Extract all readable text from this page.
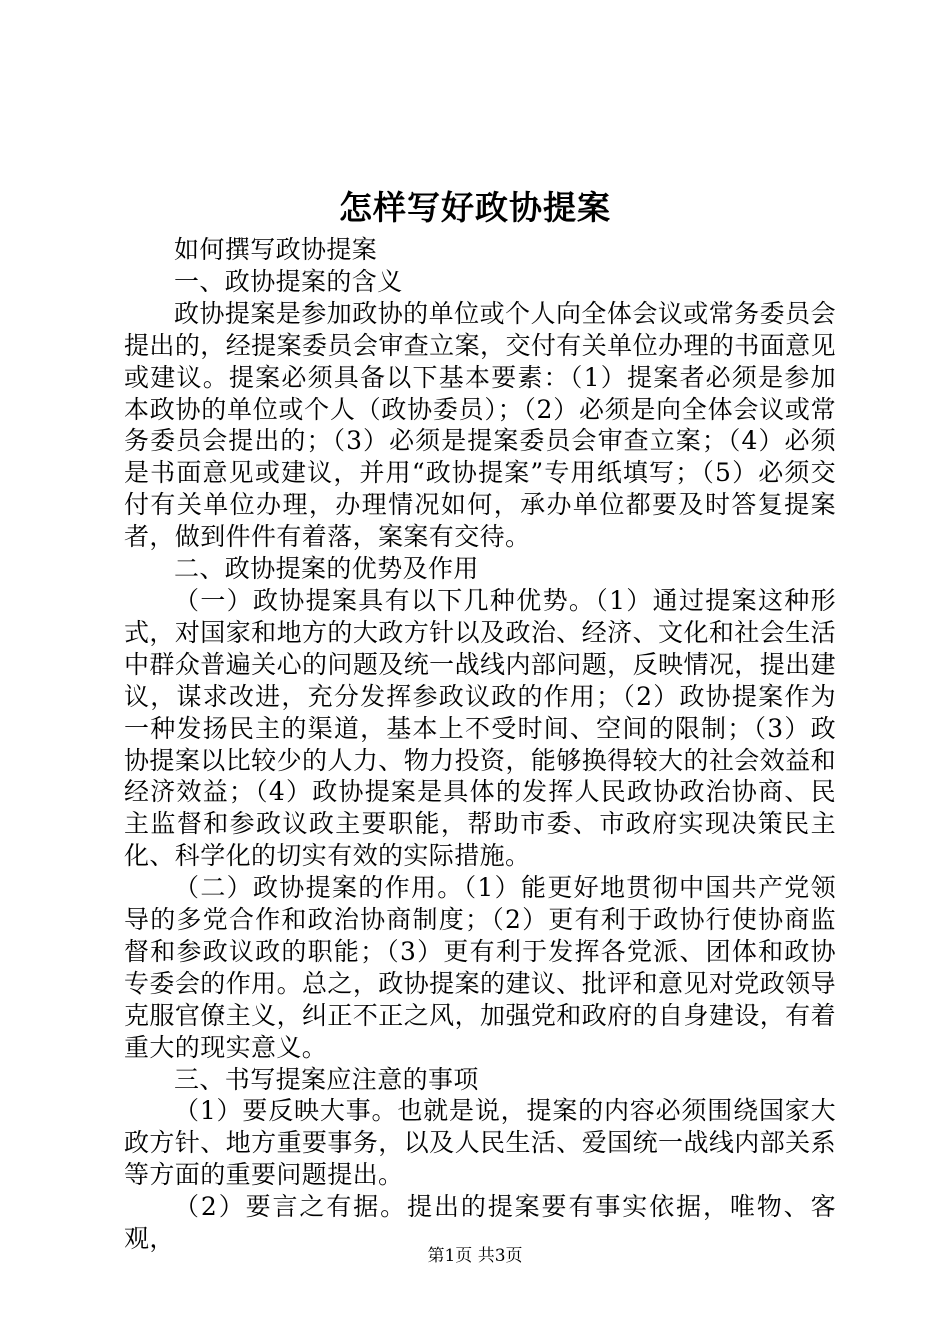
怎样写好政协提案

如何撰写政协提案

一、政协提案的含义

政协提案是参加政协的单位或个人向全体会议或常务委员会提出的，经提案委员会审查立案，交付有关单位办理的书面意见或建议。提案必须具备以下基本要素：（1）提案者必须是参加本政协的单位或个人（政协委员）；（2）必须是向全体会议或常务委员会提出的；（3）必须是提案委员会审查立案；（4）必须是书面意见或建议，并用“政协提案”专用纸填写；（5）必须交付有关单位办理，办理情况如何，承办单位都要及时答复提案者，做到件件有着落，案案有交待。

二、政协提案的优势及作用

（一）政协提案具有以下几种优势。（1）通过提案这种形式，对国家和地方的大政方针以及政治、经济、文化和社会生活中群众普遍关心的问题及统一战线内部问题，反映情况，提出建议，谋求改进，充分发挥参政议政的作用；（2）政协提案作为一种发扬民主的渠道，基本上不受时间、空间的限制；（3）政协提案以比较少的人力、物力投资，能够换得较大的社会效益和经济效益；（4）政协提案是具体的发挥人民政协政治协商、民主监督和参政议政主要职能，帮助市委、市政府实现决策民主化、科学化的切实有效的实际措施。

（二）政协提案的作用。（1）能更好地贯彻中国共产党领导的多党合作和政治协商制度；（2）更有利于政协行使协商监督和参政议政的职能；（3）更有利于发挥各党派、团体和政协专委会的作用。总之，政协提案的建议、批评和意见对党政领导克服官僚主义，纠正不正之风，加强党和政府的自身建设，有着重大的现实意义。

三、书写提案应注意的事项

（1）要反映大事。也就是说，提案的内容必须围绕国家大政方针、地方重要事务，以及人民生活、爱国统一战线内部关系等方面的重要问题提出。

（2）要言之有据。提出的提案要有事实依据，唯物、客观，

第1页 共3页
